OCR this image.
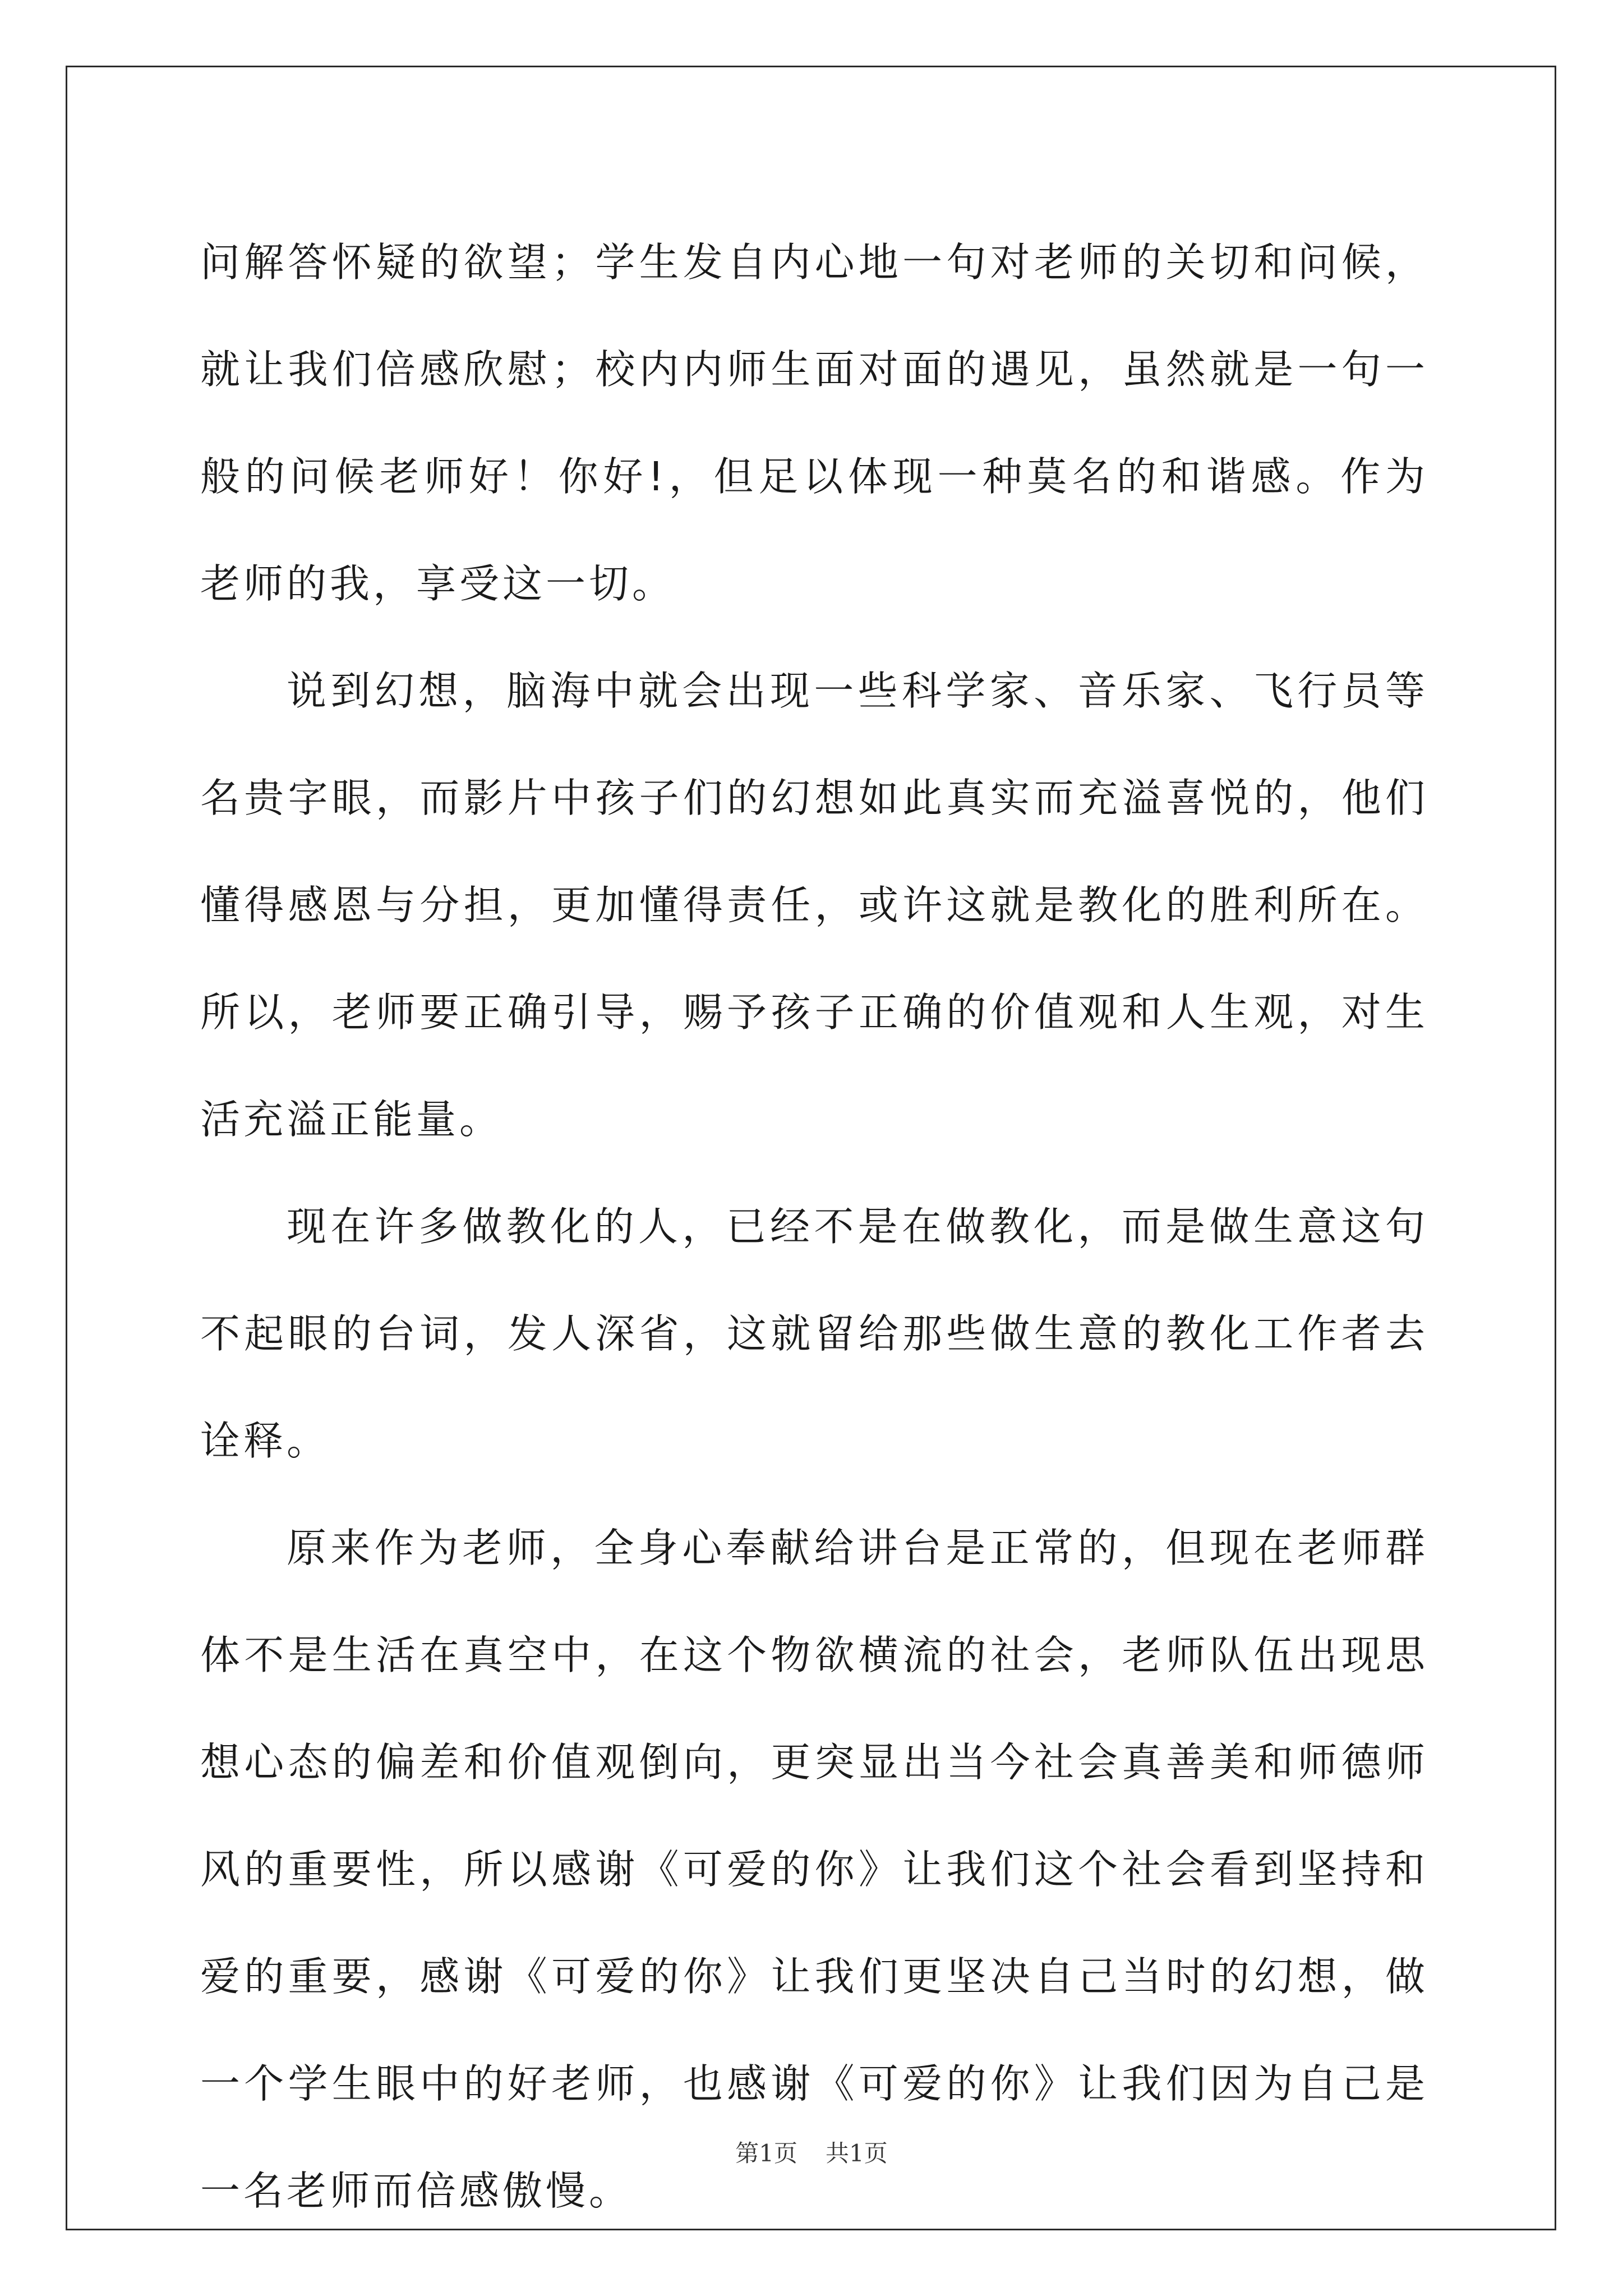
问解答怀疑的欲望；学生发自内心地一句对老师的关切和问候，就让我们倍感欣慰；校内内师生面对面的遇见，虽然就是一句一般的问候老师好！你好!，但足以体现一种莫名的和谐感。作为老师的我，享受这一切。

说到幻想，脑海中就会出现一些科学家、音乐家、飞行员等名贵字眼，而影片中孩子们的幻想如此真实而充溢喜悦的，他们懂得感恩与分担，更加懂得责任，或许这就是教化的胜利所在。所以，老师要正确引导，赐予孩子正确的价值观和人生观，对生活充溢正能量。

现在许多做教化的人，已经不是在做教化，而是做生意这句不起眼的台词，发人深省，这就留给那些做生意的教化工作者去诠释。

原来作为老师，全身心奉献给讲台是正常的，但现在老师群体不是生活在真空中，在这个物欲横流的社会，老师队伍出现思想心态的偏差和价值观倒向，更突显出当今社会真善美和师德师风的重要性，所以感谢《可爱的你》让我们这个社会看到坚持和爱的重要，感谢《可爱的你》让我们更坚决自己当时的幻想，做一个学生眼中的好老师，也感谢《可爱的你》让我们因为自己是一名老师而倍感傲慢。

第1页 共1页
